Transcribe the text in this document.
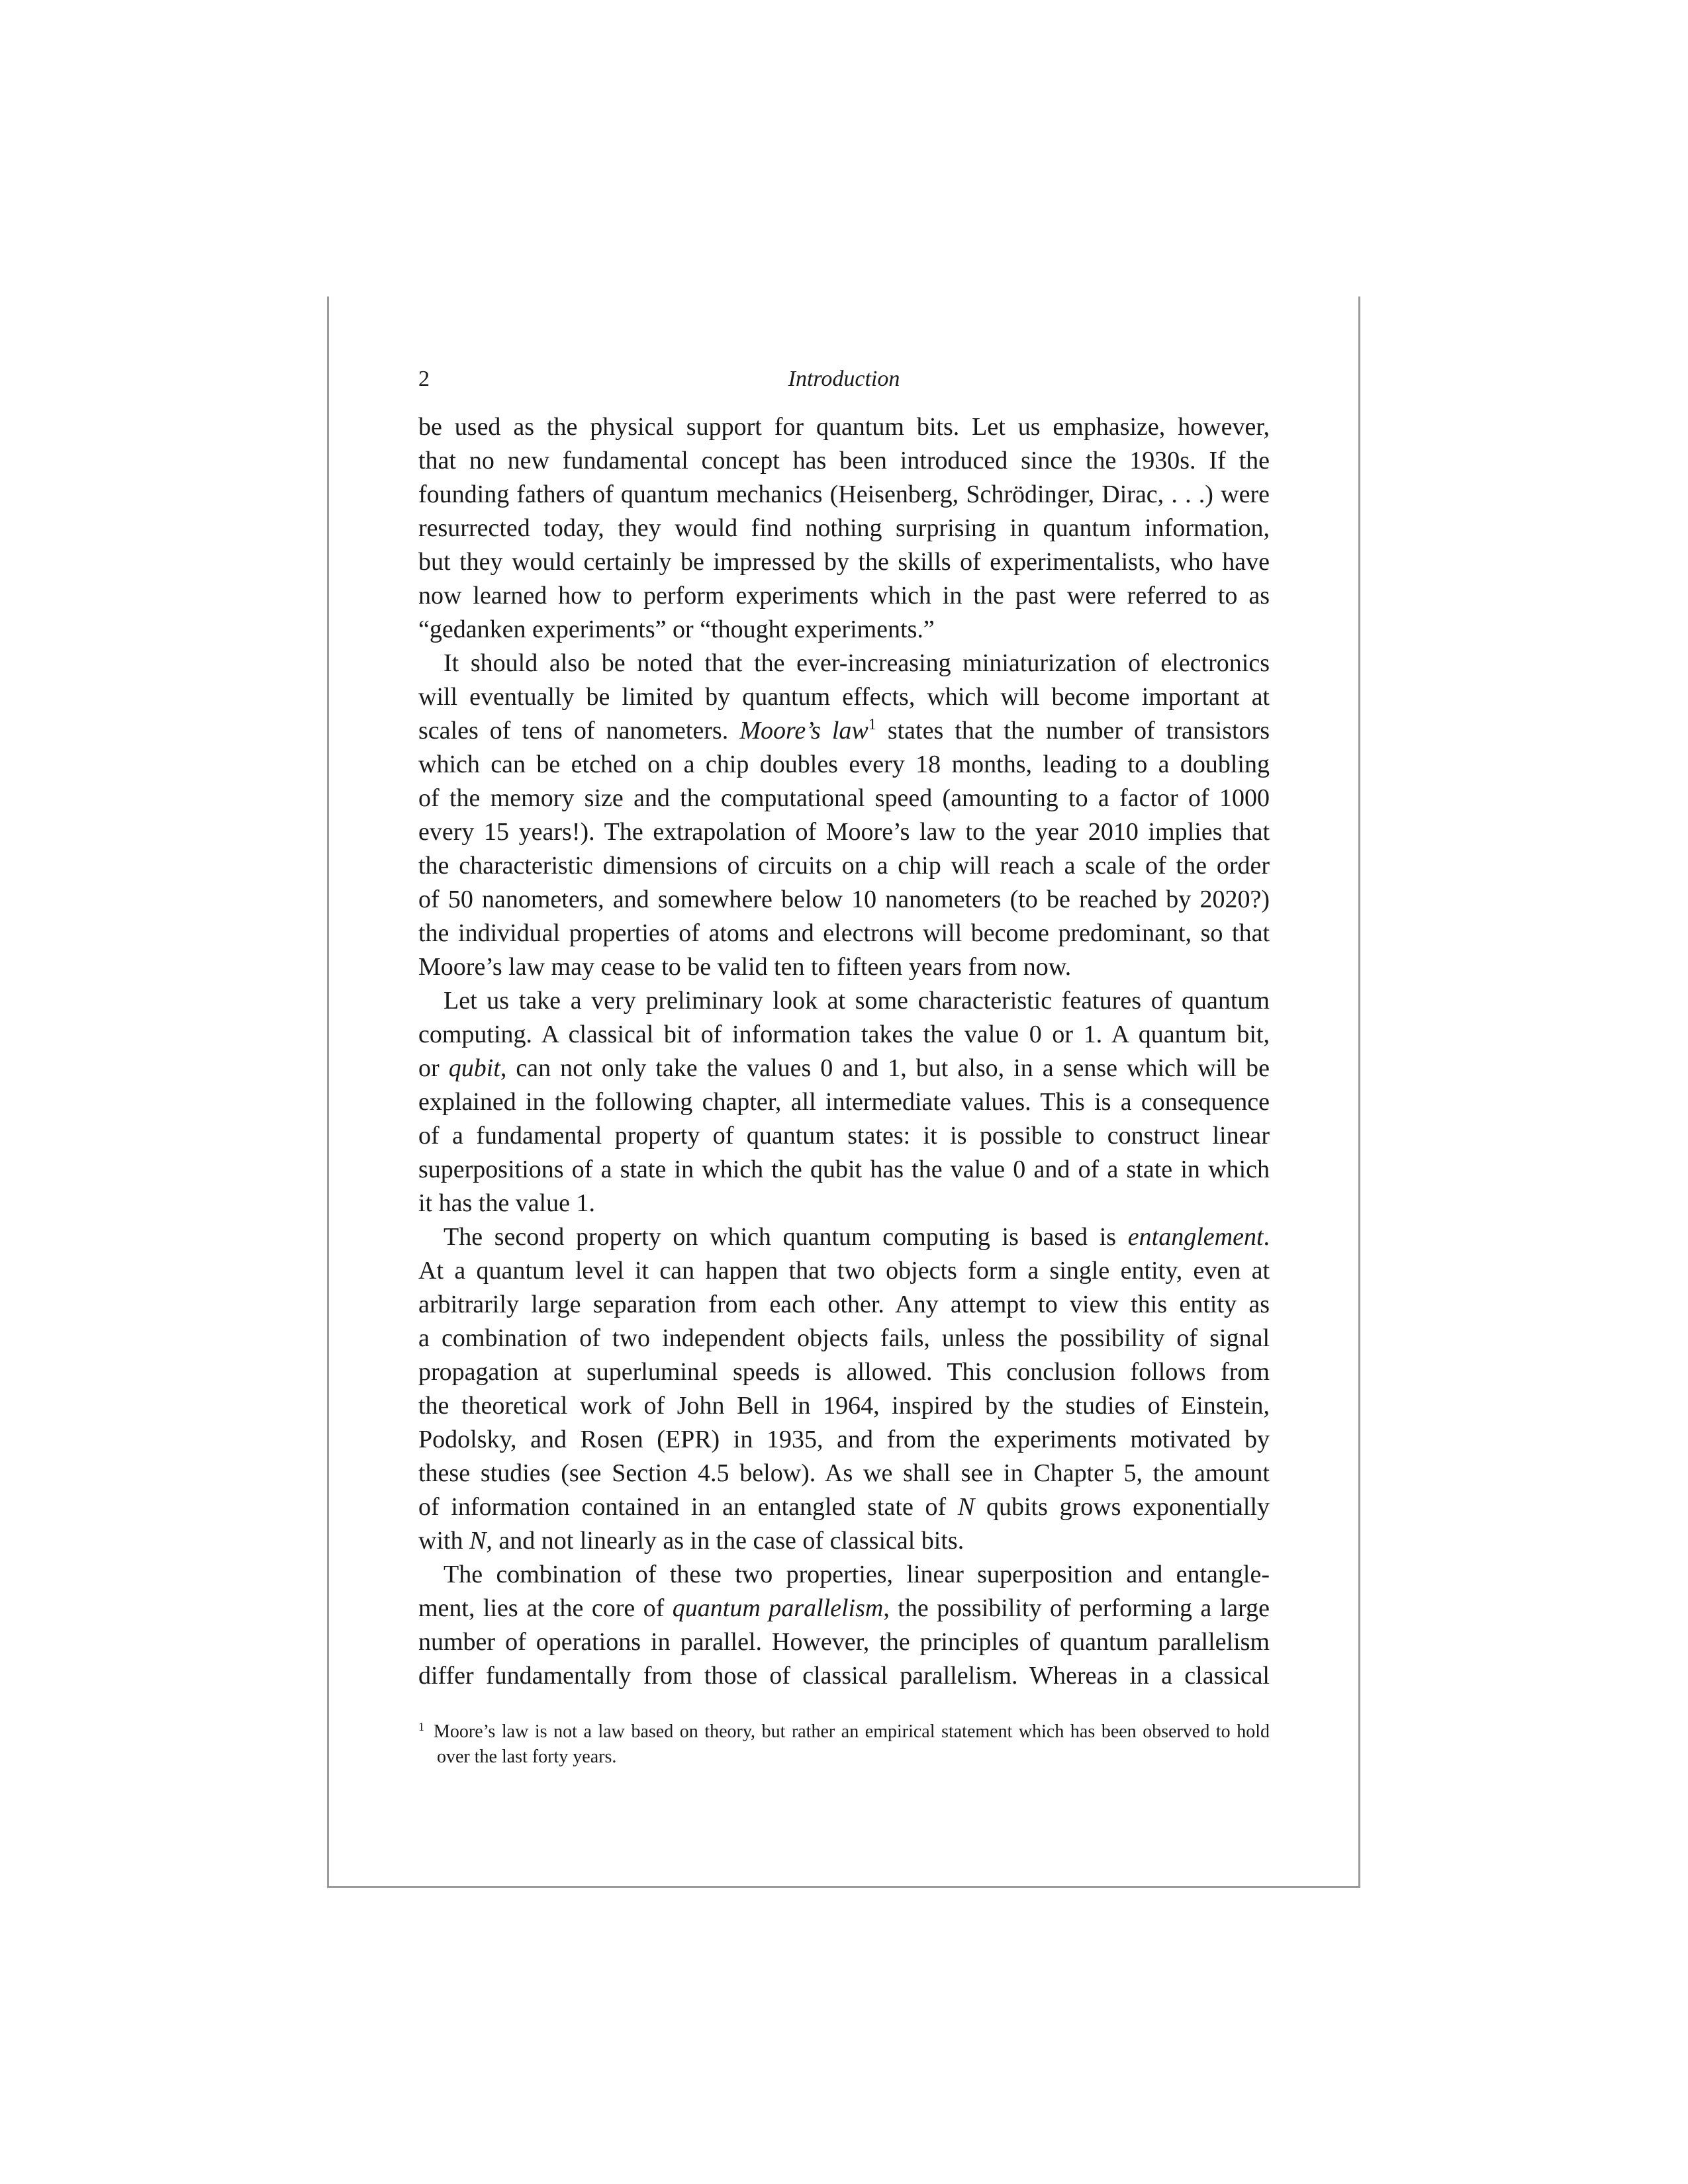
2	Introduction
be used as the physical support for quantum bits. Let us emphasize, however,
that no new fundamental concept has been introduced since the 1930s. If the
founding fathers of quantum mechanics (Heisenberg, Schrödinger, Dirac, . . .) were
resurrected today, they would find nothing surprising in quantum information,
but they would certainly be impressed by the skills of experimentalists, who have
now learned how to perform experiments which in the past were referred to as
“gedanken experiments” or “thought experiments.”
It should also be noted that the ever-increasing miniaturization of electronics
will eventually be limited by quantum effects, which will become important at
scales of tens of nanometers. Moore’s law$^1$ states that the number of transistors
which can be etched on a chip doubles every 18 months, leading to a doubling
of the memory size and the computational speed (amounting to a factor of 1000
every 15 years!). The extrapolation of Moore’s law to the year 2010 implies that
the characteristic dimensions of circuits on a chip will reach a scale of the order
of 50 nanometers, and somewhere below 10 nanometers (to be reached by 2020?)
the individual properties of atoms and electrons will become predominant, so that
Moore’s law may cease to be valid ten to fifteen years from now.
Let us take a very preliminary look at some characteristic features of quantum
computing. A classical bit of information takes the value 0 or 1. A quantum bit,
or qubit, can not only take the values 0 and 1, but also, in a sense which will be
explained in the following chapter, all intermediate values. This is a consequence
of a fundamental property of quantum states: it is possible to construct linear
superpositions of a state in which the qubit has the value 0 and of a state in which
it has the value 1.
The second property on which quantum computing is based is entanglement.
At a quantum level it can happen that two objects form a single entity, even at
arbitrarily large separation from each other. Any attempt to view this entity as
a combination of two independent objects fails, unless the possibility of signal
propagation at superluminal speeds is allowed. This conclusion follows from
the theoretical work of John Bell in 1964, inspired by the studies of Einstein,
Podolsky, and Rosen (EPR) in 1935, and from the experiments motivated by
these studies (see Section 4.5 below). As we shall see in Chapter 5, the amount
of information contained in an entangled state of N qubits grows exponentially
with N, and not linearly as in the case of classical bits.
The combination of these two properties, linear superposition and entangle-
ment, lies at the core of quantum parallelism, the possibility of performing a large
number of operations in parallel. However, the principles of quantum parallelism
differ fundamentally from those of classical parallelism. Whereas in a classical
$^1$ Moore’s law is not a law based on theory, but rather an empirical statement which has been observed to hold
over the last forty years.
